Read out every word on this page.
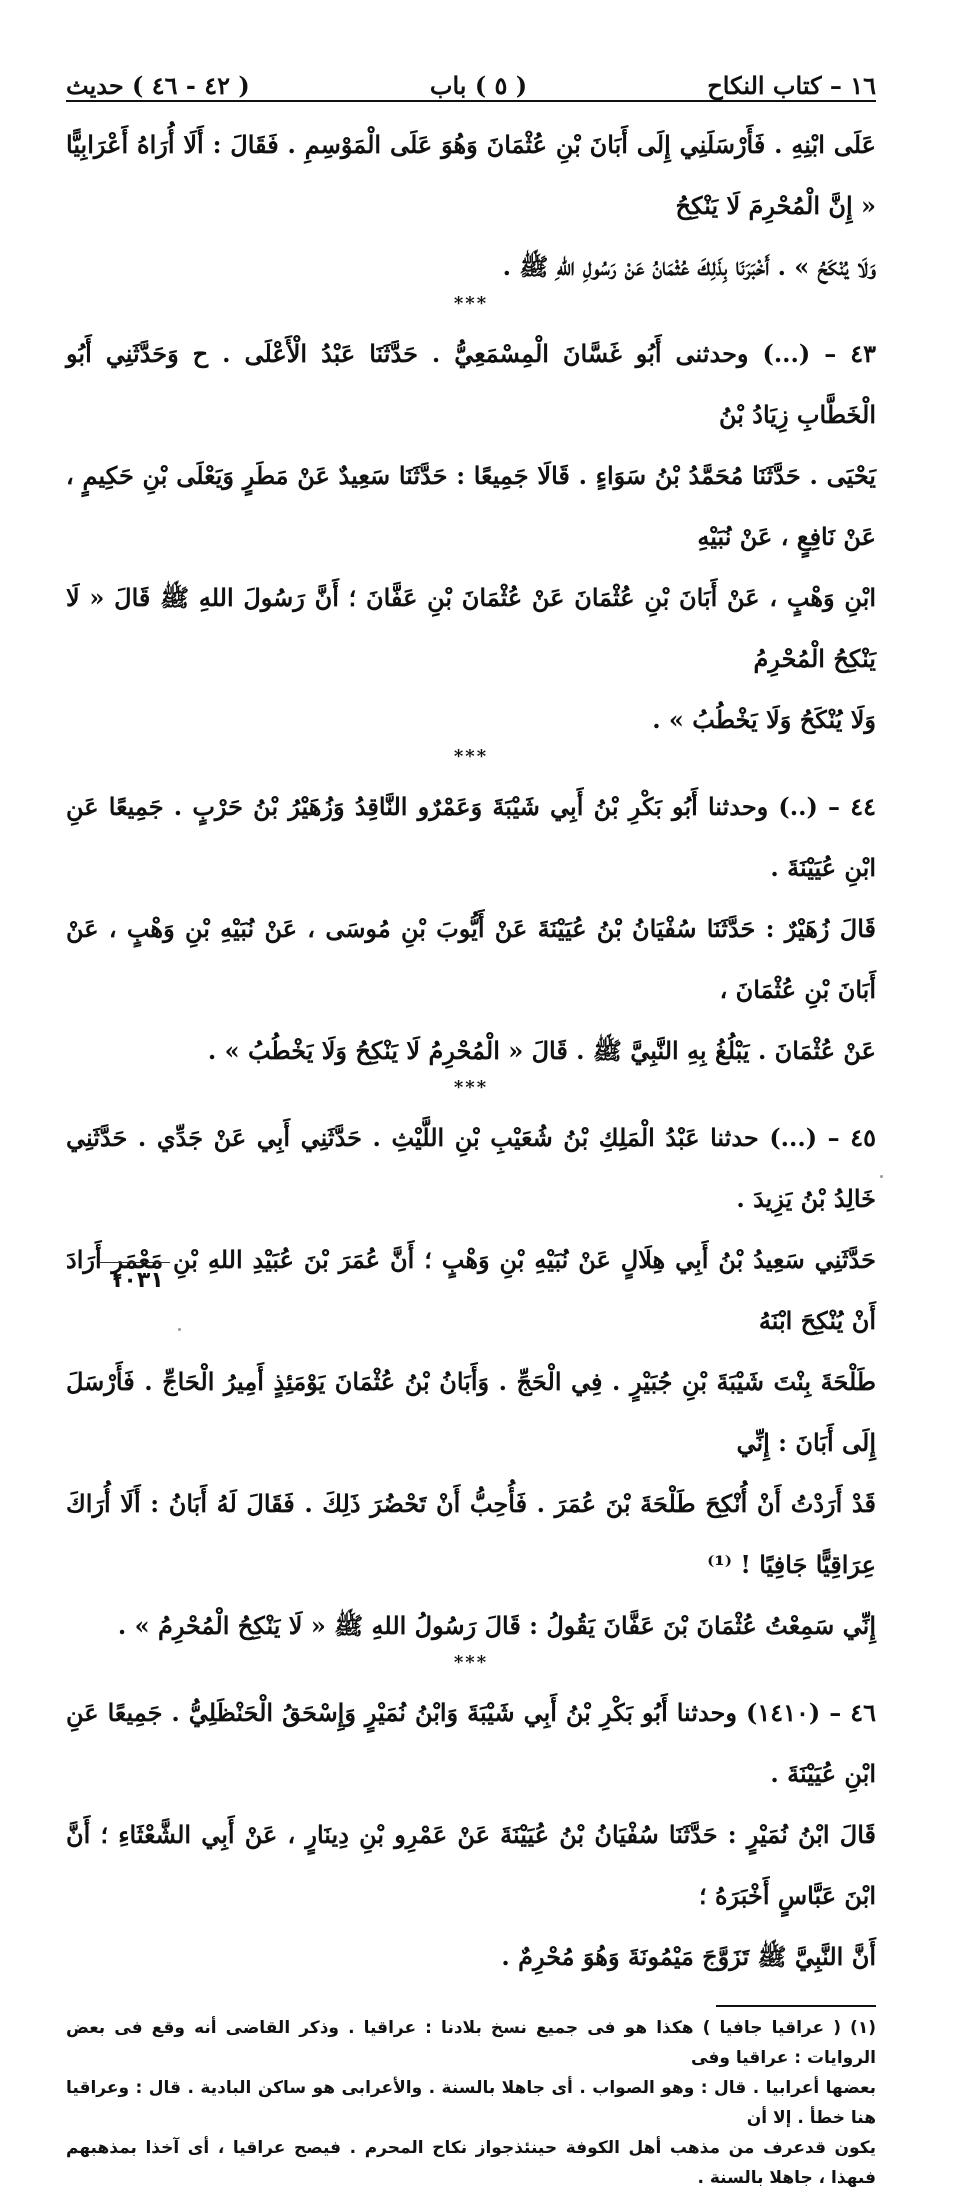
١٦ – كتاب النكاح
( ٥ ) باب
( ٤٢ - ٤٦ ) حديث

عَلَى ابْنِهِ . فَأَرْسَلَنِي إِلَى أَبَانَ بْنِ عُثْمَانَ وَهُوَ عَلَى الْمَوْسِمِ . فَقَالَ : أَلَا أُرَاهُ أَعْرَابِيًّا « إِنَّ الْمُحْرِمَ لَا يَنْكِحُ

وَلَا يُنْكَحُ » . أَخْبَرَنَا بِذَلِكَ عُثْمَانُ عَنْ رَسُولِ اللهِ ﷺ .

***

٤٣ – (...) وحدثنى أَبُو غَسَّانَ الْمِسْمَعِيُّ . حَدَّثَنَا عَبْدُ الْأَعْلَى . ح وَحَدَّثَنِي أَبُو الْخَطَّابِ زِيَادُ بْنُ

يَحْيَى . حَدَّثَنَا مُحَمَّدُ بْنُ سَوَاءٍ . قَالَا جَمِيعًا : حَدَّثَنَا سَعِيدٌ عَنْ مَطَرٍ وَيَعْلَى بْنِ حَكِيمٍ ، عَنْ نَافِعٍ ، عَنْ نُبَيْهِ

ابْنِ وَهْبٍ ، عَنْ أَبَانَ بْنِ عُثْمَانَ عَنْ عُثْمَانَ بْنِ عَفَّانَ ؛ أَنَّ رَسُولَ اللهِ ﷺ قَالَ « لَا يَنْكِحُ الْمُحْرِمُ

وَلَا يُنْكَحُ وَلَا يَخْطُبُ » .

***

٤٤ – (..) وحدثنا أَبُو بَكْرِ بْنُ أَبِي شَيْبَةَ وَعَمْرٌو النَّاقِدُ وَزُهَيْرُ بْنُ حَرْبٍ . جَمِيعًا عَنِ ابْنِ عُيَيْنَةَ .

قَالَ زُهَيْرٌ : حَدَّثَنَا سُفْيَانُ بْنُ عُيَيْنَةَ عَنْ أَيُّوبَ بْنِ مُوسَى ، عَنْ نُبَيْهِ بْنِ وَهْبٍ ، عَنْ أَبَانَ بْنِ عُثْمَانَ ،

عَنْ عُثْمَانَ . يَبْلُغُ بِهِ النَّبِيَّ ﷺ . قَالَ « الْمُحْرِمُ لَا يَنْكِحُ وَلَا يَخْطُبُ » .

***

٤٥ – (...) حدثنا عَبْدُ الْمَلِكِ بْنُ شُعَيْبِ بْنِ اللَّيْثِ . حَدَّثَنِي أَبِي عَنْ جَدِّي . حَدَّثَنِي خَالِدُ بْنُ يَزِيدَ .

حَدَّثَنِي سَعِيدُ بْنُ أَبِي هِلَالٍ عَنْ نُبَيْهِ بْنِ وَهْبٍ ؛ أَنَّ عُمَرَ بْنَ عُبَيْدِ اللهِ بْنِ مَعْمَرٍ أَرَادَ أَنْ يُنْكِحَ ابْنَهُ

طَلْحَةَ بِنْتَ شَيْبَةَ بْنِ جُبَيْرٍ . فِي الْحَجِّ . وَأَبَانُ بْنُ عُثْمَانَ يَوْمَئِذٍ أَمِيرُ الْحَاجِّ . فَأَرْسَلَ إِلَى أَبَانَ : إِنِّي

قَدْ أَرَدْتُ أَنْ أُنْكِحَ طَلْحَةَ بْنَ عُمَرَ . فَأُحِبُّ أَنْ تَحْضُرَ ذَلِكَ . فَقَالَ لَهُ أَبَانُ : أَلَا أُرَاكَ عِرَاقِيًّا جَافِيًا ! ⁽¹⁾

إِنِّي سَمِعْتُ عُثْمَانَ بْنَ عَفَّانَ يَقُولُ : قَالَ رَسُولُ اللهِ ﷺ « لَا يَنْكِحُ الْمُحْرِمُ » .

***

٤٦ – (١٤١٠) وحدثنا أَبُو بَكْرِ بْنُ أَبِي شَيْبَةَ وَابْنُ نُمَيْرٍ وَإِسْحَقُ الْحَنْظَلِيُّ . جَمِيعًا عَنِ ابْنِ عُيَيْنَةَ .

قَالَ ابْنُ نُمَيْرٍ : حَدَّثَنَا سُفْيَانُ بْنُ عُيَيْنَةَ عَنْ عَمْرِو بْنِ دِينَارٍ ، عَنْ أَبِي الشَّعْثَاءِ ؛ أَنَّ ابْنَ عَبَّاسٍ أَخْبَرَهُ ؛

أَنَّ النَّبِيَّ ﷺ تَزَوَّجَ مَيْمُونَةَ وَهُوَ مُحْرِمٌ .

(١) ( عراقيا جافيا ) هكذا هو فى جميع نسخ بلادنا : عراقيا . وذكر القاضى أنه وقع فى بعض الروايات : عراقيا وفى

بعضها أعرابيا . قال : وهو الصواب . أى جاهلا بالسنة . والأعرابى هو ساكن البادية . قال : وعراقيا هنا خطأ . إلا أن

يكون قدعرف من مذهب أهل الكوفة حينئذجواز نكاح المحرم . فيصح عراقيا ، أى آخذا بمذهبهم فىهذا ، جاهلا بالسنة .

١٠٣١
